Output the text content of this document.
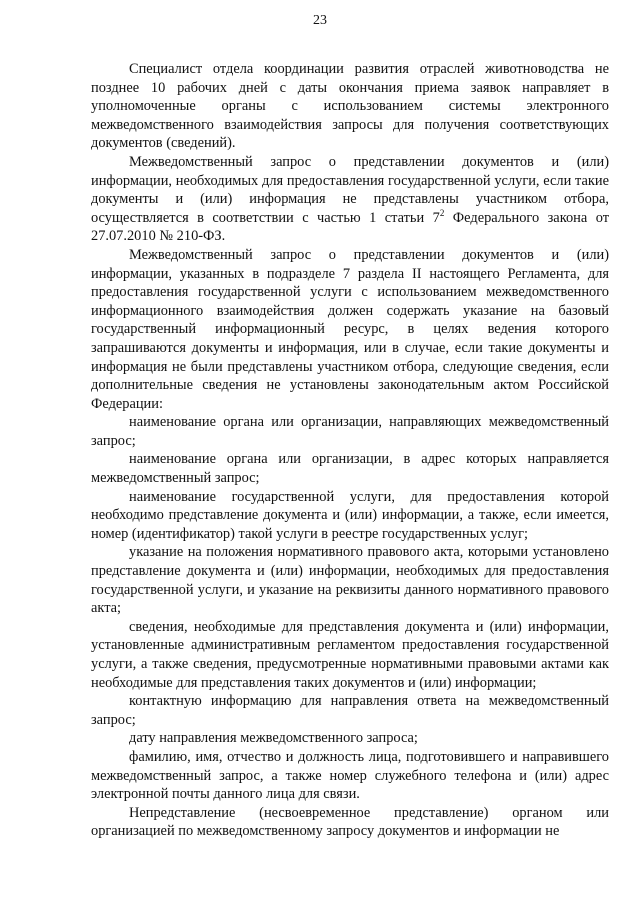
23

Специалист отдела координации развития отраслей животноводства не позднее 10 рабочих дней с даты окончания приема заявок направляет в уполномоченные органы с использованием системы электронного межведомственного взаимодействия запросы для получения соответствующих документов (сведений).

Межведомственный запрос о представлении документов и (или) информации, необходимых для предоставления государственной услуги, если такие документы и (или) информация не представлены участником отбора, осуществляется в соответствии с частью 1 статьи $7^2$ Федерального закона от 27.07.2010 № 210-ФЗ.

Межведомственный запрос о представлении документов и (или) информации, указанных в подразделе 7 раздела II настоящего Регламента, для предоставления государственной услуги с использованием межведомственного информационного взаимодействия должен содержать указание на базовый государственный информационный ресурс, в целях ведения которого запрашиваются документы и информация, или в случае, если такие документы и информация не были представлены участником отбора, следующие сведения, если дополнительные сведения не установлены законодательным актом Российской Федерации:

наименование органа или организации, направляющих межведомственный запрос;

наименование органа или организации, в адрес которых направляется межведомственный запрос;

наименование государственной услуги, для предоставления которой необходимо представление документа и (или) информации, а также, если имеется, номер (идентификатор) такой услуги в реестре государственных услуг;

указание на положения нормативного правового акта, которыми установлено представление документа и (или) информации, необходимых для предоставления государственной услуги, и указание на реквизиты данного нормативного правового акта;

сведения, необходимые для представления документа и (или) информации, установленные административным регламентом предоставления государственной услуги, а также сведения, предусмотренные нормативными правовыми актами как необходимые для представления таких документов и (или) информации;

контактную информацию для направления ответа на межведомственный запрос;

дату направления межведомственного запроса;

фамилию, имя, отчество и должность лица, подготовившего и направившего межведомственный запрос, а также номер служебного телефона и (или) адрес электронной почты данного лица для связи.

Непредставление (несвоевременное представление) органом или организацией по межведомственному запросу документов и информации не
